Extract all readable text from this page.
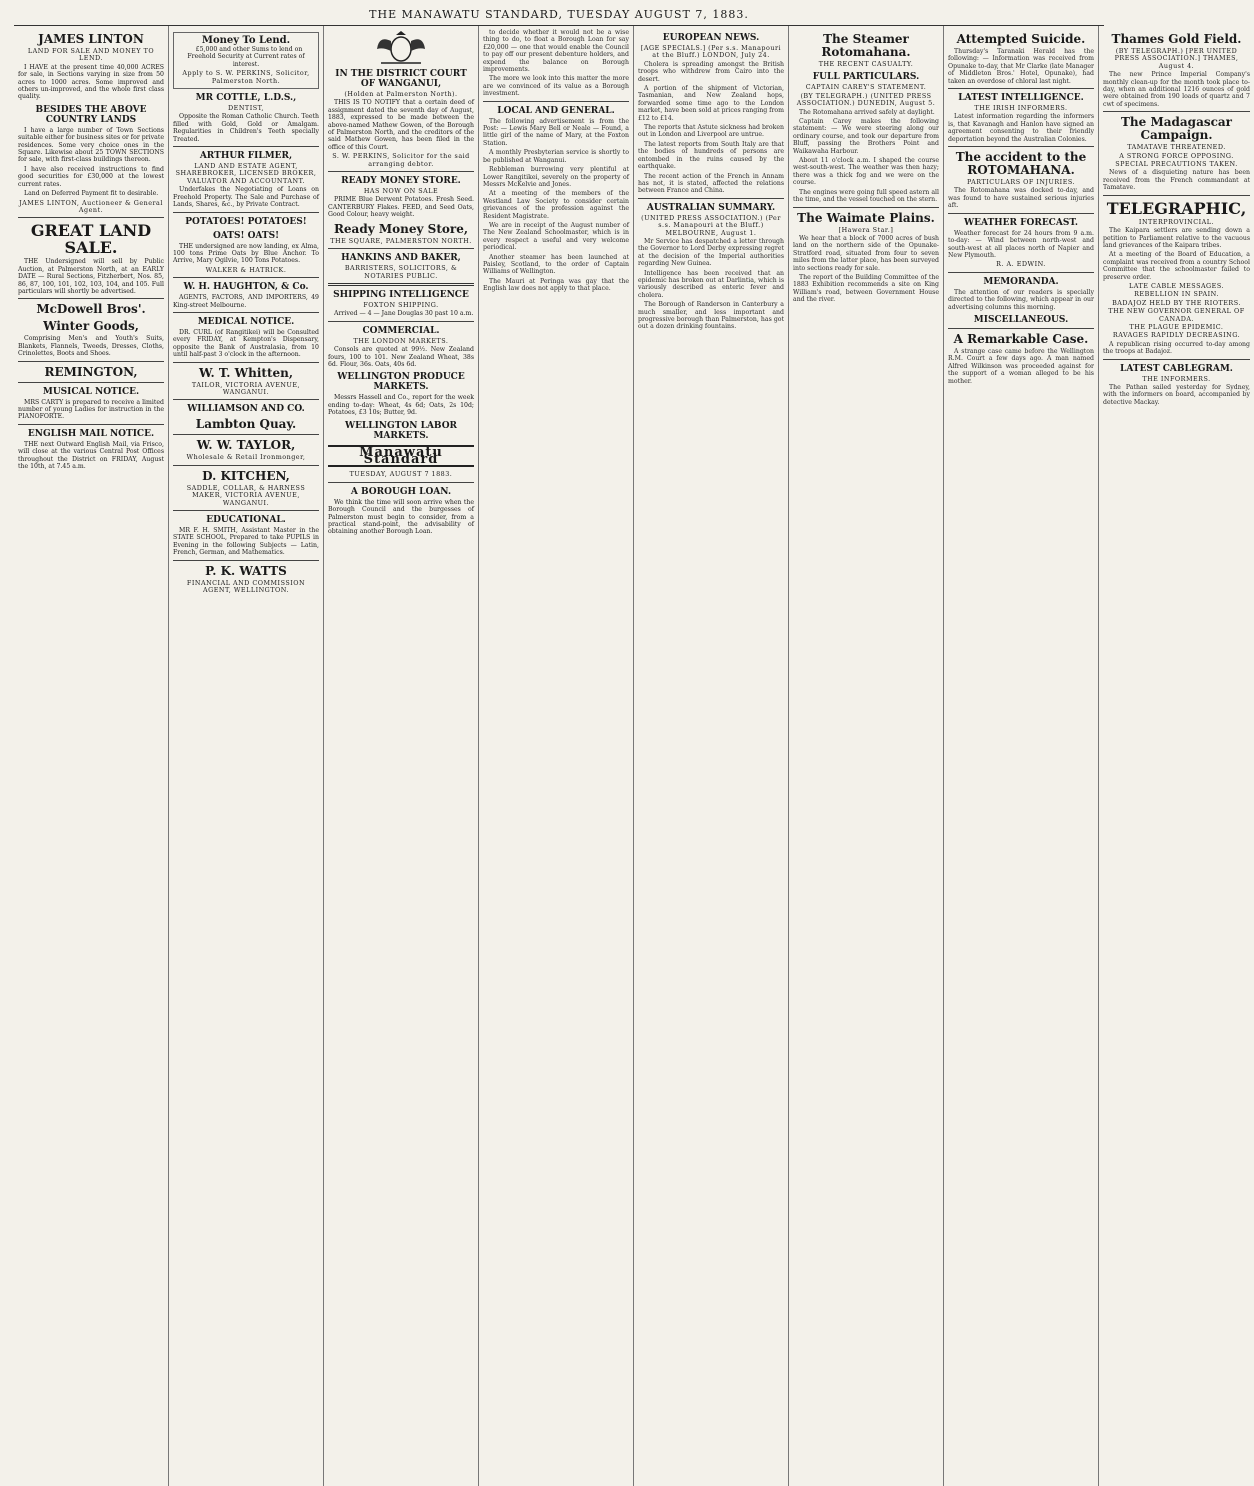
THE MANAWATU STANDARD, TUESDAY AUGUST 7, 1883.
JAMES LINTON
LAND FOR SALE AND MONEY TO LEND.

I HAVE at the present time 40,000 ACRES for sale, in Sections varying in size from 50 acres to 1000 acres. Some improved and others un-improved, and the whole first class quality.

BESIDES THE ABOVE COUNTRY LANDS

I have a large number of Town Sections suitable either for business sites or for private residences. Some very choice ones in the Square. Likewise about 25 TOWN SECTIONS for sale, with first-class buildings thereon.

I have also received instructions to find good securities for £30,000 at the lowest current rates.

Land on Deferred Payment fit to desirable.

JAMES LINTON, Auctioneer & General Agent.
GREAT LAND SALE.

THE Undersigned will sell by Public Auction, at Palmerston North, at an EARLY DATE — Rural Sections, Fitzherbert, Nos. 85, 86, 87, 100, 101, 102, 103, 104, and 105. Full particulars will shortly be advertised.

McDowell Bros'.
Winter Goods,

Comprising Men's and Youth's Suits, Blankets, Flannels, Tweeds, Dresses, Cloths, Crinolettes, Boots and Shoes.

REMINGTON,
MUSICAL NOTICE.

MRS CARTY is prepared to receive a limited number of young Ladies for instruction in the PIANOFORTE.

ENGLISH MAIL NOTICE.

THE next Outward English Mail, via Frisco, will close at the various Central Post Offices throughout the District on FRIDAY, August the 10th, at 7.45 a.m.

Money To Lend.

£5,000 and other Sums to lend on Freehold Security at Current rates of interest.

Apply to S. W. PERKINS, Solicitor, Palmerston North.
MR COTTLE, L.D.S.,
DENTIST,

Opposite the Roman Catholic Church. Teeth filled with Gold, Gold or Amalgam. Regularities in Children's Teeth specially Treated.

ARTHUR FILMER,
LAND AND ESTATE AGENT, SHAREBROKER, LICENSED BROKER, VALUATOR AND ACCOUNTANT.

Underfakes the Negotiating of Loans on Freehold Property. The Sale and Purchase of Lands, Shares, &c., by Private Contract.

POTATOES! POTATOES!
OATS! OATS!

THE undersigned are now landing, ex Alma, 100 tons Prime Oats by Blue Anchor. To Arrive, Mary Ogilvie, 100 Tons Potatoes.

WALKER & HATRICK.
W. H. HAUGHTON, & Co.

AGENTS, FACTORS, AND IMPORTERS, 49 King-street Melbourne.

MEDICAL NOTICE.

DR. CURL (of Rangitikei) will be Consulted every FRIDAY, at Kempton's Dispensary, opposite the Bank of Australasia, from 10 until half-past 3 o'clock in the afternoon.

W. T. Whitten,
TAILOR, VICTORIA AVENUE, WANGANUI.
WILLIAMSON AND CO.
Lambton Quay.
W. W. TAYLOR,
Wholesale & Retail Ironmonger,
D. KITCHEN,
SADDLE, COLLAR, & HARNESS MAKER, VICTORIA AVENUE, WANGANUI.
EDUCATIONAL.

MR F. H. SMITH, Assistant Master in the STATE SCHOOL, Prepared to take PUPILS in Evening in the following Subjects — Latin, French, German, and Mathematics.

P. K. WATTS
FINANCIAL AND COMMISSION AGENT, WELLINGTON.
IN THE DISTRICT COURT OF WANGANUI,
(Holden at Palmerston North).

THIS IS TO NOTIFY that a certain deed of assignment dated the seventh day of August, 1883, expressed to be made between the above-named Mathew Gowen, of the Borough of Palmerston North, and the creditors of the said Mathew Gowen, has been filed in the office of this Court.

S. W. PERKINS, Solicitor for the said arranging debtor.
READY MONEY STORE.
HAS NOW ON SALE

PRIME Blue Derwent Potatoes. Fresh Seed. CANTERBURY Flakes. FEED, and Seed Oats, Good Colour, heavy weight.

Ready Money Store,
THE SQUARE, PALMERSTON NORTH.
HANKINS AND BAKER,
BARRISTERS, SOLICITORS, & NOTARIES PUBLIC.
SHIPPING INTELLIGENCE
FOXTON SHIPPING.

Arrived — 4 — Jane Douglas 30 past 10 a.m.

COMMERCIAL.
THE LONDON MARKETS.

Consols are quoted at 99½. New Zealand fours, 100 to 101. New Zealand Wheat, 38s 6d. Flour, 36s. Oats, 40s 6d.

WELLINGTON PRODUCE MARKETS.

Messrs Hassell and Co., report for the week ending to-day: Wheat, 4s 6d; Oats, 2s 10d; Potatoes, £3 10s; Butter, 9d.

WELLINGTON LABOR MARKETS.
Manawatu Standard
TUESDAY, AUGUST 7 1883.
A BOROUGH LOAN.

We think the time will soon arrive when the Borough Council and the burgesses of Palmerston must begin to consider, from a practical stand-point, the advisability of obtaining another Borough Loan.

to decide whether it would not be a wise thing to do, to float a Borough Loan for say £20,000 — one that would enable the Council to pay off our present debenture holders, and expend the balance on Borough improvements.

The more we look into this matter the more are we convinced of its value as a Borough investment.

LOCAL AND GENERAL.

The following advertisement is from the Post: — Lewis Mary Bell or Neale — Found, a little girl of the name of Mary, at the Foxton Station.

A monthly Presbyterian service is shortly to be published at Wanganui.

Rebbleman burrowing very plentiful at Lower Rangitikei, severely on the property of Messrs McKelvie and Jones.

At a meeting of the members of the Westland Law Society to consider certain grievances of the profession against the Resident Magistrate.

We are in receipt of the August number of The New Zealand Schoolmaster, which is in every respect a useful and very welcome periodical.

Another steamer has been launched at Paisley, Scotland, to the order of Captain Williams of Wellington.

The Mauri at Peringa was gay that the English law does not apply to that place.

EUROPEAN NEWS.
[AGE SPECIALS.] (Per s.s. Manapouri at the Bluff.) LONDON, July 24.

Cholera is spreading amongst the British troops who withdrew from Cairo into the desert.

A portion of the shipment of Victorian, Tasmanian, and New Zealand hops, forwarded some time ago to the London market, have been sold at prices ranging from £12 to £14.

The reports that Astute sickness had broken out in London and Liverpool are untrue.

The latest reports from South Italy are that the bodies of hundreds of persons are entombed in the ruins caused by the earthquake.

The recent action of the French in Annam has not, it is stated, affected the relations between France and China.

AUSTRALIAN SUMMARY.
(UNITED PRESS ASSOCIATION.) (Per s.s. Manapouri at the Bluff.) MELBOURNE, August 1.

Mr Service has despatched a letter through the Governor to Lord Derby expressing regret at the decision of the Imperial authorities regarding New Guinea.

Intelligence has been received that an epidemic has broken out at Darlintia, which is variously described as enteric fever and cholera.

The Borough of Randerson in Canterbury a much smaller, and less important and progressive borough than Palmerston, has got out a dozen drinking fountains.

The Steamer Rotomahana.
THE RECENT CASUALTY.
FULL PARTICULARS.
CAPTAIN CAREY'S STATEMENT.
(BY TELEGRAPH.) (UNITED PRESS ASSOCIATION.) DUNEDIN, August 5.

The Rotomahana arrived safely at daylight.

Captain Carey makes the following statement: — We were steering along our ordinary course, and took our departure from Bluff, passing the Brothers Point and Waikawaha Harbour.

About 11 o'clock a.m. I shaped the course west-south-west. The weather was then hazy; there was a thick fog and we were on the course.

The engines were going full speed astern all the time, and the vessel touched on the stern.

The Waimate Plains.
[Hawera Star.]

We hear that a block of 7000 acres of bush land on the northern side of the Opunake-Stratford road, situated from four to seven miles from the latter place, has been surveyed into sections ready for sale.

The report of the Building Committee of the 1883 Exhibition recommends a site on King William's road, between Government House and the river.

Attempted Suicide.

Thursday's Taranaki Herald has the following: — Information was received from Opunake to-day, that Mr Clarke (late Manager of Middleton Bros.' Hotel, Opunake), had taken an overdose of chloral last night.

LATEST INTELLIGENCE.
THE IRISH INFORMERS.

Latest information regarding the informers is, that Kavanagh and Hanlon have signed an agreement consenting to their friendly deportation beyond the Australian Colonies.

The accident to the ROTOMAHANA.
PARTICULARS OF INJURIES.

The Rotomahana was docked to-day, and was found to have sustained serious injuries aft.

WEATHER FORECAST.

Weather forecast for 24 hours from 9 a.m. to-day: — Wind between north-west and south-west at all places north of Napier and New Plymouth.

R. A. EDWIN.
MEMORANDA.

The attention of our readers is specially directed to the following, which appear in our advertising columns this morning.

MISCELLANEOUS.
A Remarkable Case.

A strange case came before the Wellington R.M. Court a few days ago. A man named Alfred Wilkinson was proceeded against for the support of a woman alleged to be his mother.

Thames Gold Field.
(BY TELEGRAPH.) [PER UNITED PRESS ASSOCIATION.] THAMES, August 4.

The new Prince Imperial Company's monthly clean-up for the month took place to-day, when an additional 1216 ounces of gold were obtained from 190 loads of quartz and 7 cwt of specimens.

The Madagascar Campaign.
TAMATAVE THREATENED.
A STRONG FORCE OPPOSING.
SPECIAL PRECAUTIONS TAKEN.

News of a disquieting nature has been received from the French commandant at Tamatave.

TELEGRAPHIC,
INTERPROVINCIAL.

The Kaipara settlers are sending down a petition to Parliament relative to the vacuous land grievances of the Kaipara tribes.

At a meeting of the Board of Education, a complaint was received from a country School Committee that the schoolmaster failed to preserve order.

LATE CABLE MESSAGES.
REBELLION IN SPAIN.
BADAJOZ HELD BY THE RIOTERS.
THE NEW GOVERNOR GENERAL OF CANADA.
THE PLAGUE EPIDEMIC.
RAVAGES RAPIDLY DECREASING.

A republican rising occurred to-day among the troops at Badajoz.

LATEST CABLEGRAM.
THE INFORMERS.

The Pathan sailed yesterday for Sydney, with the informers on board, accompanied by detective Mackay.
